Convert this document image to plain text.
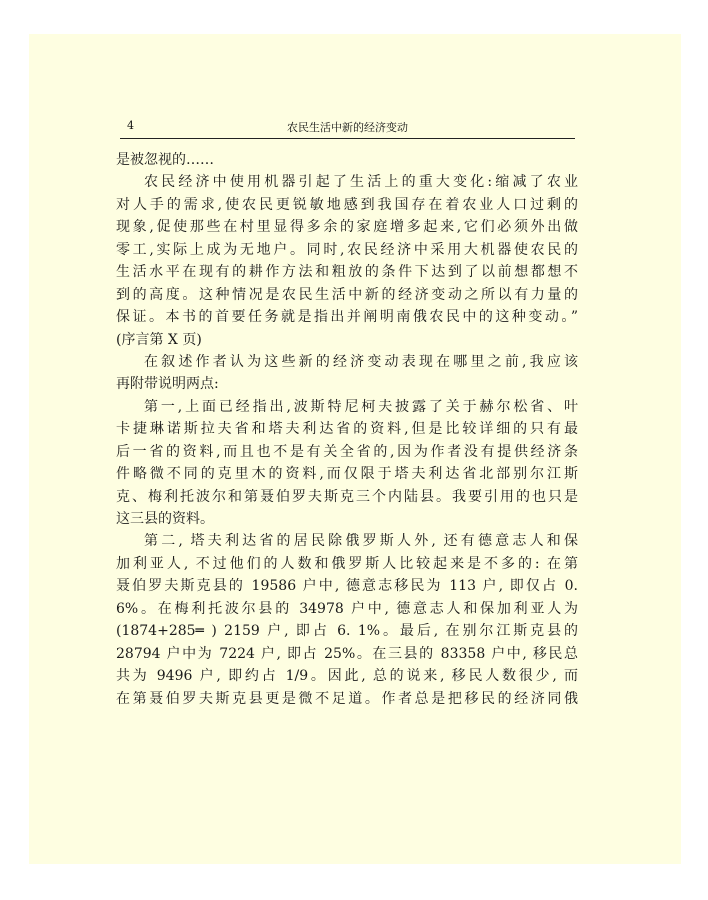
4	农民生活中新的经济变动
是被忽视的……
农民经济中使用机器引起了生活上的重大变化:缩减了农业
对人手的需求,使农民更锐敏地感到我国存在着农业人口过剩的
现象,促使那些在村里显得多余的家庭增多起来,它们必须外出做
零工,实际上成为无地户。同时,农民经济中采用大机器使农民的
生活水平在现有的耕作方法和粗放的条件下达到了以前想都想不
到的高度。这种情况是农民生活中新的经济变动之所以有力量的
保证。本书的首要任务就是指出并阐明南俄农民中的这种变动。”
(序言第 X 页)
在叙述作者认为这些新的经济变动表现在哪里之前,我应该
再附带说明两点:
第一,上面已经指出,波斯特尼柯夫披露了关于赫尔松省、叶
卡捷琳诺斯拉夫省和塔夫利达省的资料,但是比较详细的只有最
后一省的资料,而且也不是有关全省的,因为作者没有提供经济条
件略微不同的克里木的资料,而仅限于塔夫利达省北部别尔江斯
克、梅利托波尔和第聂伯罗夫斯克三个内陆县。我要引用的也只是
这三县的资料。
第二, 塔夫利达省的居民除俄罗斯人外, 还有德意志人和保
加利亚人, 不过他们的人数和俄罗斯人比较起来是不多的: 在第
聂伯罗夫斯克县的 19586 户中, 德意志移民为 113 户, 即仅占 0.
6%。在梅利托波尔县的 34978 户中, 德意志人和保加利亚人为
(1874+285═ ) 2159 户, 即占 6. 1%。最后, 在别尔江斯克县的
28794 户中为 7224 户, 即占 25%。在三县的 83358 户中, 移民总
共为 9496 户, 即约占 1/9。因此, 总的说来, 移民人数很少, 而
在第聂伯罗夫斯克县更是微不足道。作者总是把移民的经济同俄
